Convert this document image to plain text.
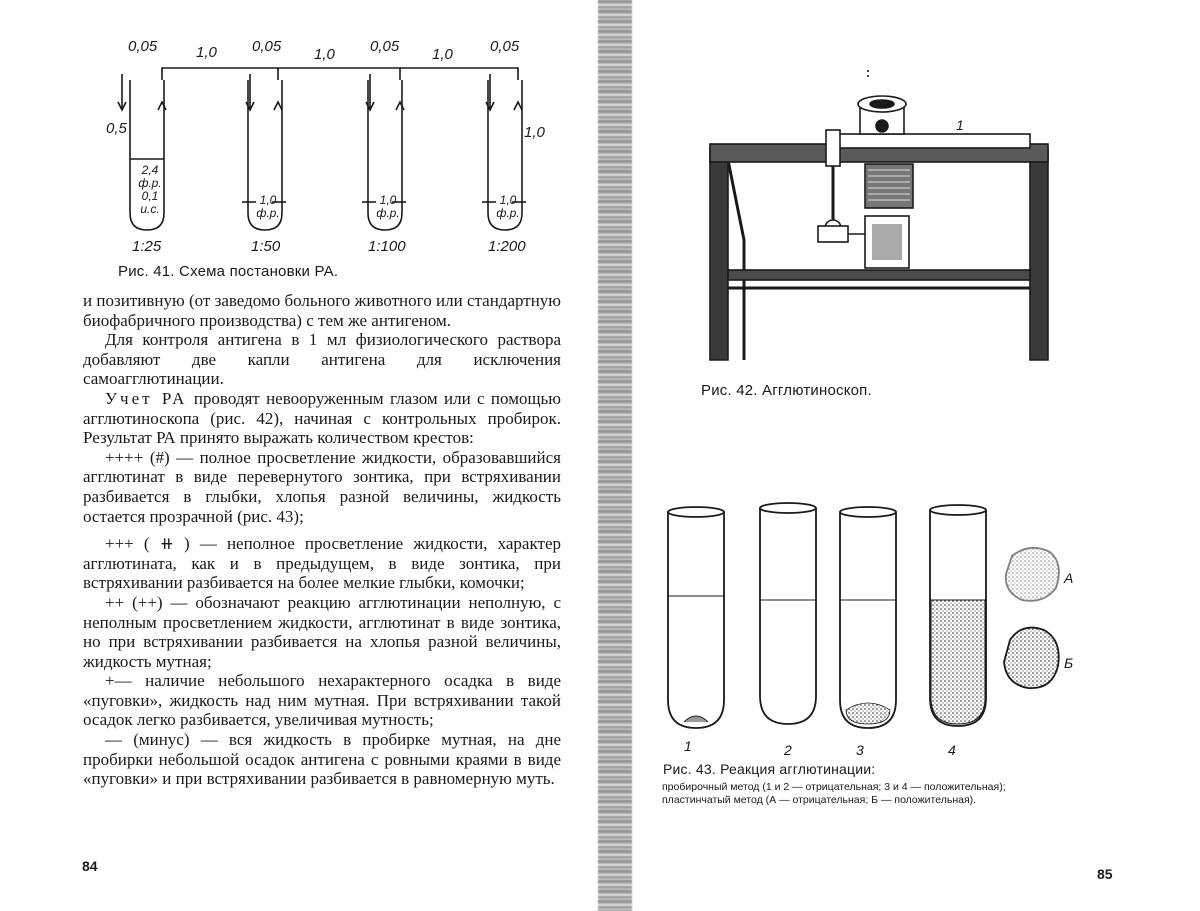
0,05	1,0 0,05 1,0 0,05 1,0 0,05
0,5	1,0
2,4
ф.р.
0,1
и.с.
1,0
ф.р.
1,0
ф.р.
1,0
ф.р.
1:25	1:50	1:100	1:200
Рис. 41. Схема постановки РА.

и позитивную (от заведомо больного животного или стандартную биофабричного производства) с тем же антигеном.

Для контроля антигена в 1 мл физиологического раствора добавляют две капли антигена для исключения самоагглютинации.

Учет РА проводят невооруженным глазом или с помощью агглютиноскопа (рис. 42), начиная с контрольных пробирок. Результат РА принято выражать количеством крестов:

++++ (#) — полное просветление жидкости, образовавшийся агглютинат в виде перевернутого зонтика, при встряхивании разбивается в глыбки, хлопья разной величины, жидкость остается прозрачной (рис. 43);

+++ ( ⧺ ) — неполное просветление жидкости, характер агглютината, как и в предыдущем, в виде зонтика, при встряхивании разбивается на более мелкие глыбки, комочки;

++ (++) — обозначают реакцию агглютинации неполную, с неполным просветлением жидкости, агглютинат в виде зонтика, но при встряхивании разбивается на хлопья разной величины, жидкость мутная;

+— наличие небольшого нехарактерного осадка в виде «пуговки», жидкость над ним мутная. При встряхивании такой осадок легко разбивается, увеличивая мутность;

— (минус) — вся жидкость в пробирке мутная, на дне пробирки небольшой осадок антигена с ровными краями в виде «пуговки» и при встряхивании разбивается в равномерную муть.

84
1
Рис. 42. Агглютиноскоп.
1	2	3	4
А
Б
Рис. 43. Реакция агглютинации:
пробирочный метод (1 и 2 — отрицательная; 3 и 4 — положительная);
пластинчатый метод (А — отрицательная; Б — положительная).
85
